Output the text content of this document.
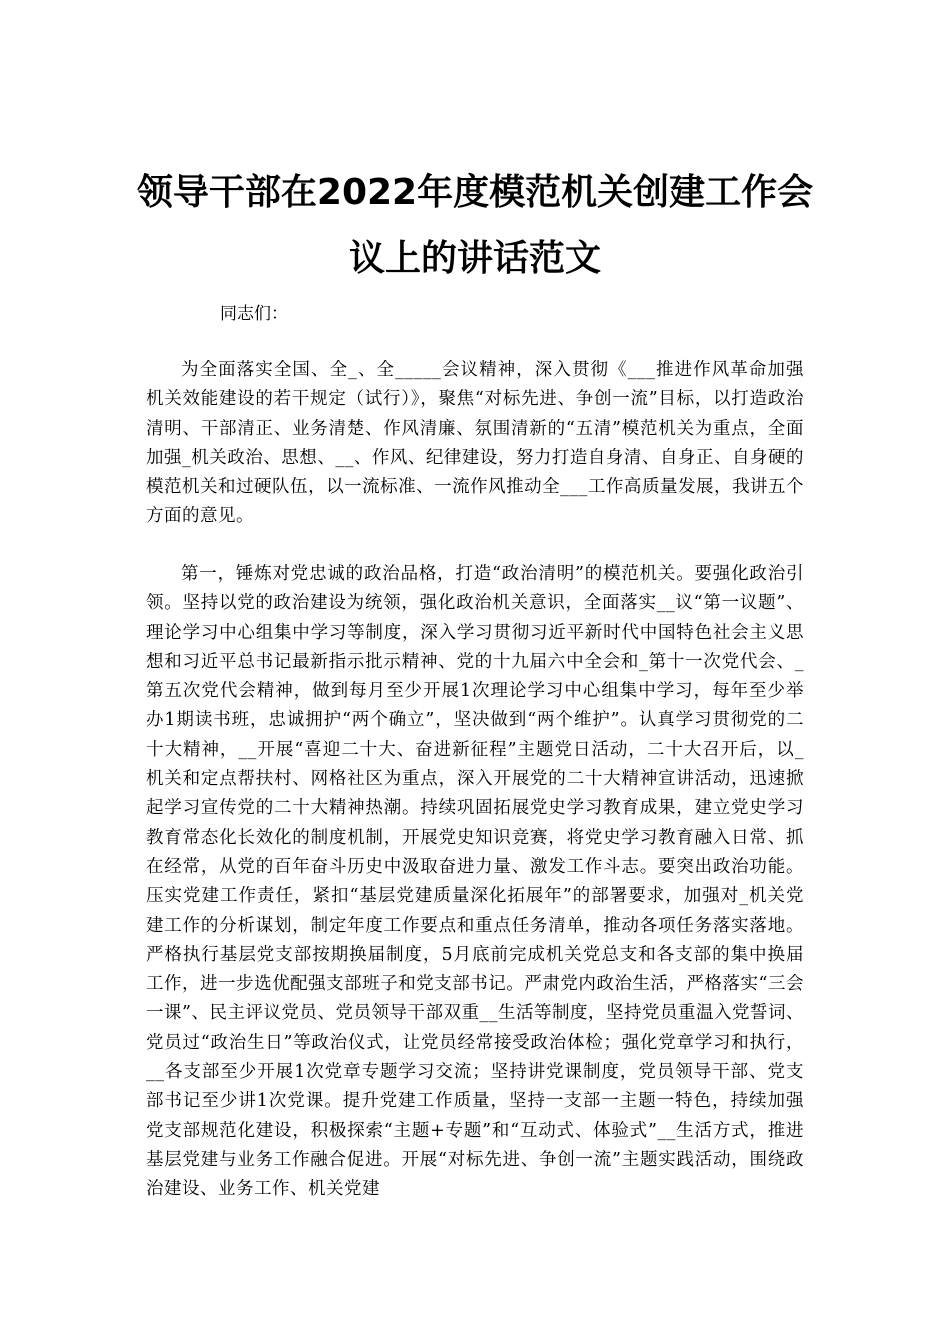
领导干部在2022年度模范机关创建工作会议上的讲话范文

同志们：

为全面落实全国、全_、全_____会议精神，深入贯彻《___推进作风革命加强机关效能建设的若干规定（试行）》，聚焦“对标先进、争创一流”目标，以打造政治清明、干部清正、业务清楚、作风清廉、氛围清新的“五清”模范机关为重点，全面加强_机关政治、思想、__、作风、纪律建设，努力打造自身清、自身正、自身硬的模范机关和过硬队伍，以一流标准、一流作风推动全___工作高质量发展，我讲五个方面的意见。

第一，锤炼对党忠诚的政治品格，打造“政治清明”的模范机关。要强化政治引领。坚持以党的政治建设为统领，强化政治机关意识，全面落实__议“第一议题”、理论学习中心组集中学习等制度，深入学习贯彻习近平新时代中国特色社会主义思想和习近平总书记最新指示批示精神、党的十九届六中全会和_第十一次党代会、_第五次党代会精神，做到每月至少开展1次理论学习中心组集中学习，每年至少举办1期读书班，忠诚拥护“两个确立”，坚决做到“两个维护”。认真学习贯彻党的二十大精神，__开展“喜迎二十大、奋进新征程”主题党日活动，二十大召开后，以_机关和定点帮扶村、网格社区为重点，深入开展党的二十大精神宣讲活动，迅速掀起学习宣传党的二十大精神热潮。持续巩固拓展党史学习教育成果，建立党史学习教育常态化长效化的制度机制，开展党史知识竞赛，将党史学习教育融入日常、抓在经常，从党的百年奋斗历史中汲取奋进力量、激发工作斗志。要突出政治功能。压实党建工作责任，紧扣“基层党建质量深化拓展年”的部署要求，加强对_机关党建工作的分析谋划，制定年度工作要点和重点任务清单，推动各项任务落实落地。严格执行基层党支部按期换届制度，5月底前完成机关党总支和各支部的集中换届工作，进一步选优配强支部班子和党支部书记。严肃党内政治生活，严格落实“三会一课”、民主评议党员、党员领导干部双重__生活等制度，坚持党员重温入党誓词、党员过“政治生日”等政治仪式，让党员经常接受政治体检；强化党章学习和执行，__各支部至少开展1次党章专题学习交流；坚持讲党课制度，党员领导干部、党支部书记至少讲1次党课。提升党建工作质量，坚持一支部一主题一特色，持续加强党支部规范化建设，积极探索“主题+专题”和“互动式、体验式”__生活方式，推进基层党建与业务工作融合促进。开展“对标先进、争创一流”主题实践活动，围绕政治建设、业务工作、机关党建
